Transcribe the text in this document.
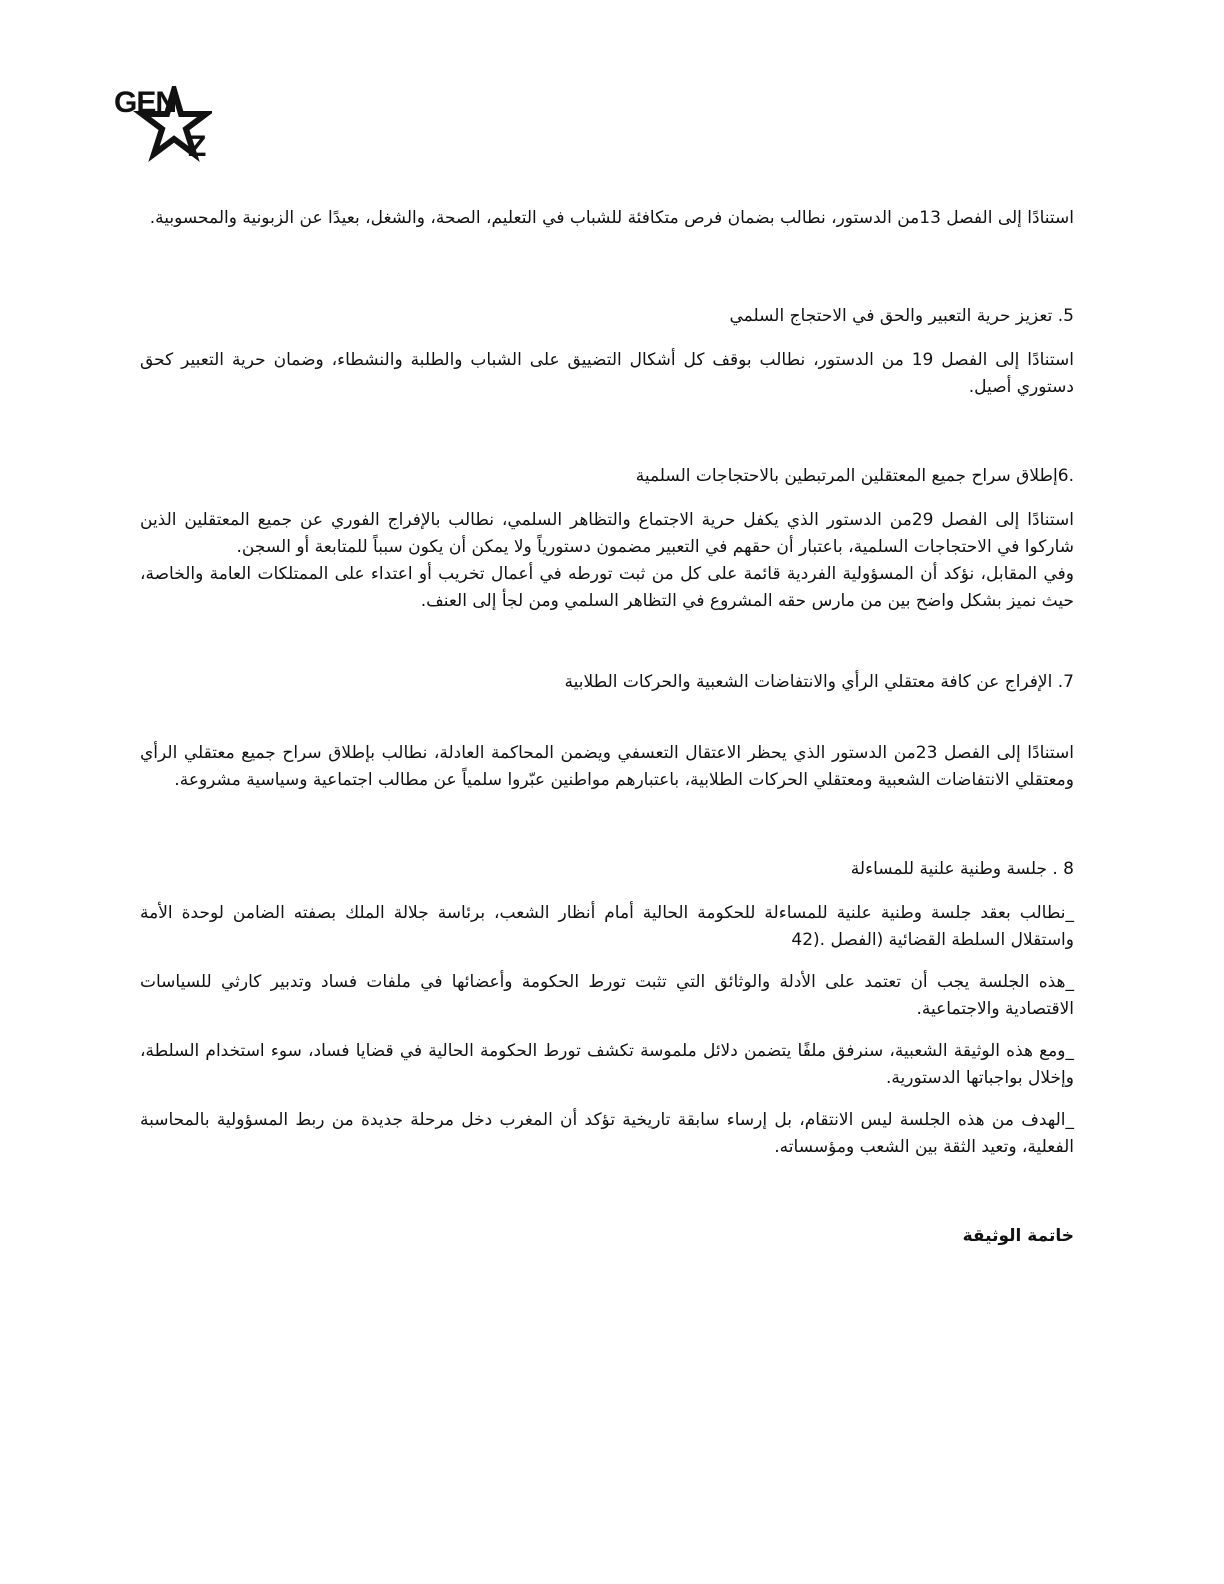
GEN
Z

استنادًا إلى الفصل 13من الدستور، نطالب بضمان فرص متكافئة للشباب في التعليم، الصحة، والشغل، بعيدًا عن الزبونية والمحسوبية.

5. تعزيز حرية التعبير والحق في الاحتجاج السلمي

استنادًا إلى الفصل 19 من الدستور، نطالب بوقف كل أشكال التضييق على الشباب والطلبة والنشطاء، وضمان حرية التعبير كحق دستوري أصيل.

.6إطلاق سراح جميع المعتقلين المرتبطين بالاحتجاجات السلمية

استنادًا إلى الفصل 29من الدستور الذي يكفل حرية الاجتماع والتظاهر السلمي، نطالب بالإفراج الفوري عن جميع المعتقلين الذين شاركوا في الاحتجاجات السلمية، باعتبار أن حقهم في التعبير مضمون دستورياً ولا يمكن أن يكون سبباً للمتابعة أو السجن.

وفي المقابل، نؤكد أن المسؤولية الفردية قائمة على كل من ثبت تورطه في أعمال تخريب أو اعتداء على الممتلكات العامة والخاصة، حيث نميز بشكل واضح بين من مارس حقه المشروع في التظاهر السلمي ومن لجأ إلى العنف.

7. الإفراج عن كافة معتقلي الرأي والانتفاضات الشعبية والحركات الطلابية

استنادًا إلى الفصل 23من الدستور الذي يحظر الاعتقال التعسفي ويضمن المحاكمة العادلة، نطالب بإطلاق سراح جميع معتقلي الرأي ومعتقلي الانتفاضات الشعبية ومعتقلي الحركات الطلابية، باعتبارهم مواطنين عبّروا سلمياً عن مطالب اجتماعية وسياسية مشروعة.

8 . جلسة وطنية علنية للمساءلة

_نطالب بعقد جلسة وطنية علنية للمساءلة للحكومة الحالية أمام أنظار الشعب، برئاسة جلالة الملك بصفته الضامن لوحدة الأمة واستقلال السلطة القضائية (الفصل .(42

_هذه الجلسة يجب أن تعتمد على الأدلة والوثائق التي تثبت تورط الحكومة وأعضائها في ملفات فساد وتدبير كارثي للسياسات الاقتصادية والاجتماعية.

_ومع هذه الوثيقة الشعبية، سنرفق ملفًا يتضمن دلائل ملموسة تكشف تورط الحكومة الحالية في قضايا فساد، سوء استخدام السلطة، وإخلال بواجباتها الدستورية.

_الهدف من هذه الجلسة ليس الانتقام، بل إرساء سابقة تاريخية تؤكد أن المغرب دخل مرحلة جديدة من ربط المسؤولية بالمحاسبة الفعلية، وتعيد الثقة بين الشعب ومؤسساته.

خاتمة الوثيقة
